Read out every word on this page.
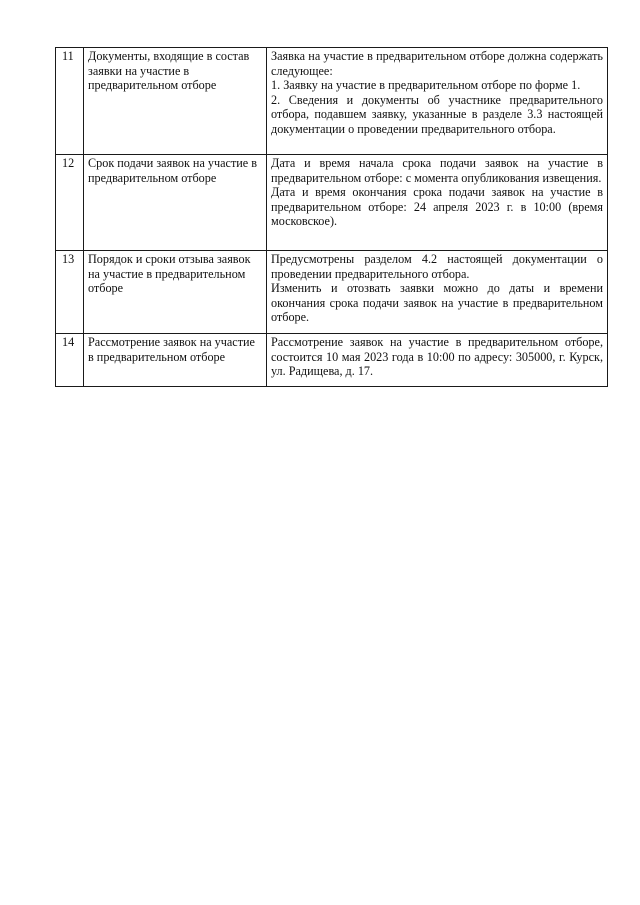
11	Документы, входящие в состав заявки на участие в предварительном отборе	Заявка на участие в предварительном отборе должна содержать следующее:

1. Заявку на участие в предварительном отборе по форме 1.

2. Сведения и документы об участнике предварительного отбора, подавшем заявку, указанные в разделе 3.3 настоящей документации о проведении предварительного отбора.

12	Срок подачи заявок на участие в предварительном отборе	Дата и время начала срока подачи заявок на участие в предварительном отборе: с момента опубликования извещения.

Дата и время окончания срока подачи заявок на участие в предварительном отборе: 24 апреля 2023 г. в 10:00 (время московское).

13	Порядок и сроки отзыва заявок на участие в предварительном отборе	Предусмотрены разделом 4.2 настоящей документации о проведении предварительного отбора.

Изменить и отозвать заявки можно до даты и времени окончания срока подачи заявок на участие в предварительном отборе.

14	Рассмотрение заявок на участие в предварительном отборе	Рассмотрение заявок на участие в предварительном отборе, состоится 10 мая 2023 года в 10:00 по адресу: 305000, г. Курск, ул. Радищева, д. 17.
